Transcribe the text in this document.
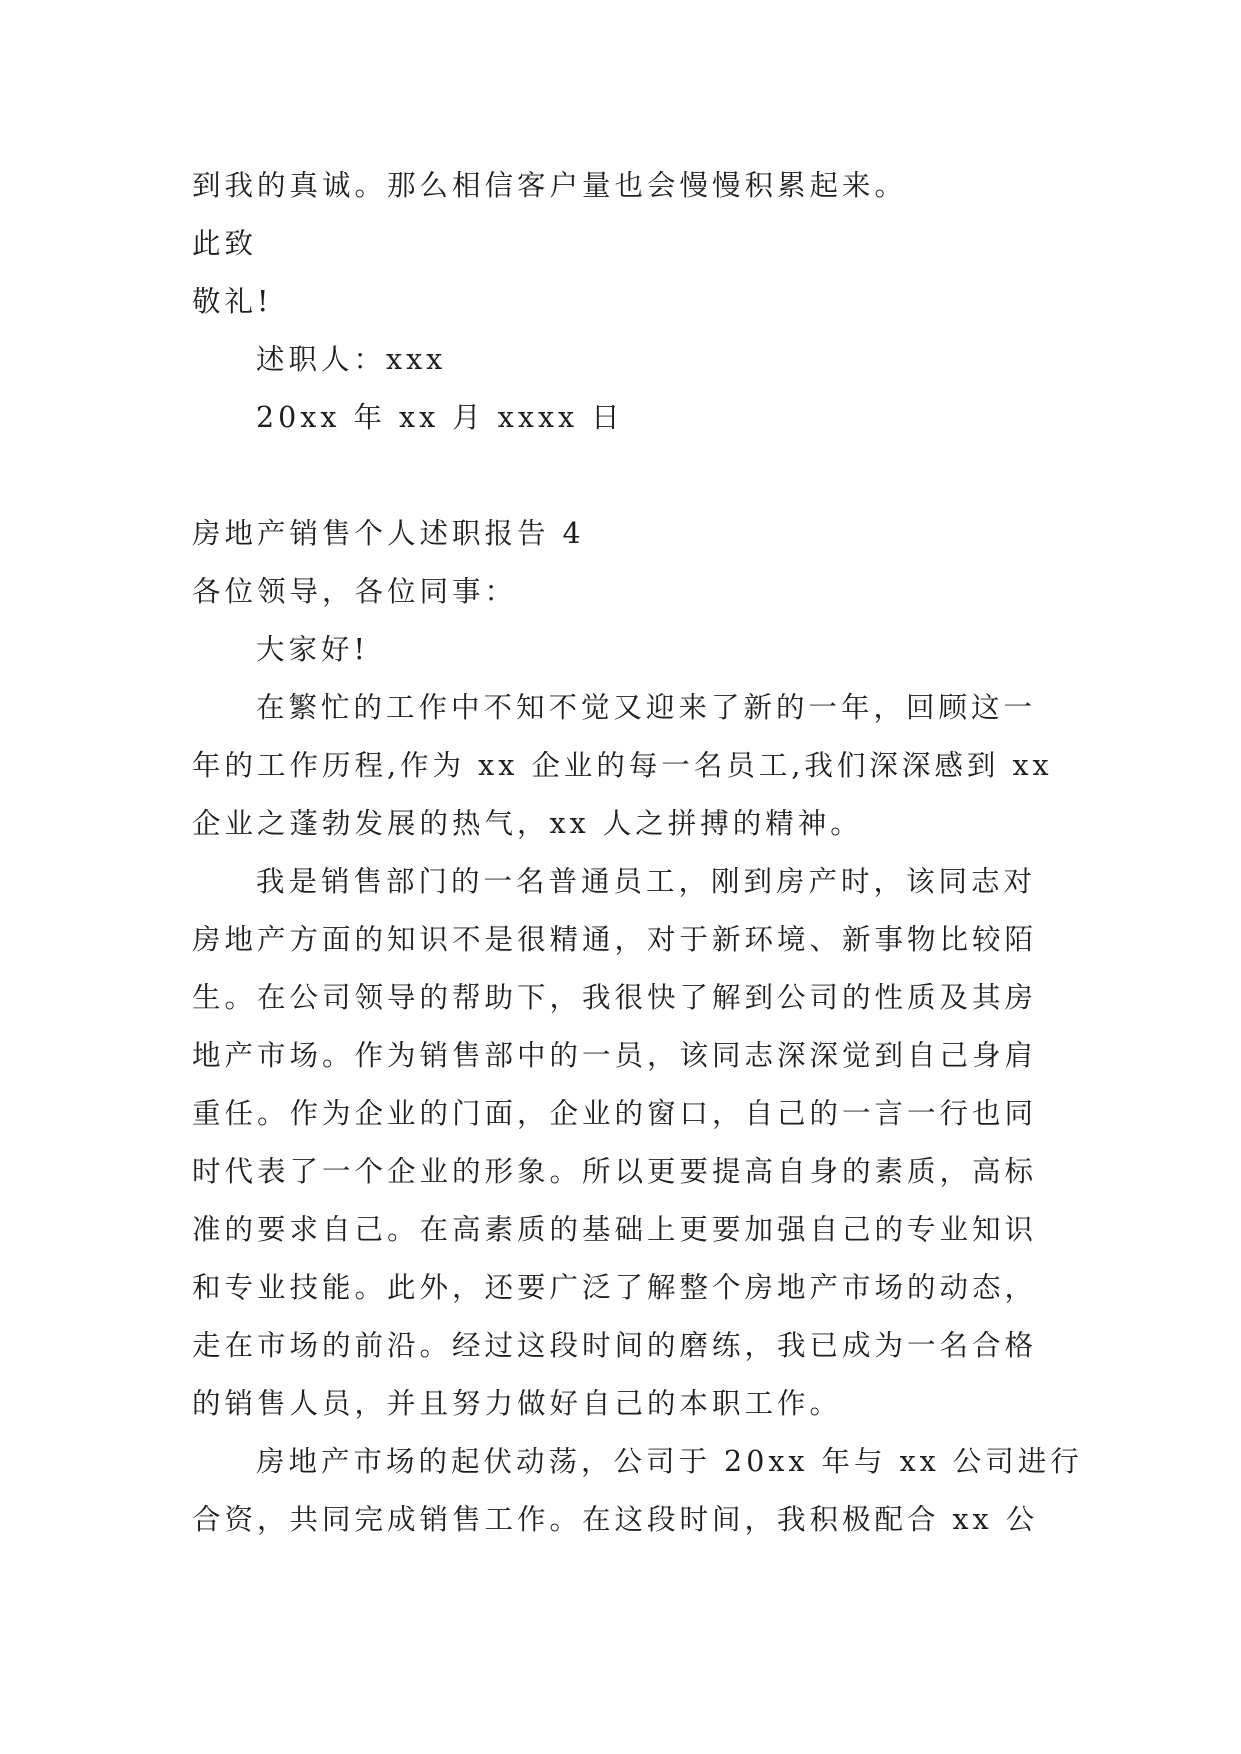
到我的真诚。那么相信客户量也会慢慢积累起来。
此致
敬礼!
述职人：xxx
20xx 年 xx 月 xxxx 日
房地产销售个人述职报告 4
各位领导，各位同事：
大家好!
在繁忙的工作中不知不觉又迎来了新的一年，回顾这一
年的工作历程,作为 xx 企业的每一名员工,我们深深感到 xx
企业之蓬勃发展的热气，xx 人之拼搏的精神。
我是销售部门的一名普通员工，刚到房产时，该同志对
房地产方面的知识不是很精通，对于新环境、新事物比较陌
生。在公司领导的帮助下，我很快了解到公司的性质及其房
地产市场。作为销售部中的一员，该同志深深觉到自己身肩
重任。作为企业的门面，企业的窗口，自己的一言一行也同
时代表了一个企业的形象。所以更要提高自身的素质，高标
准的要求自己。在高素质的基础上更要加强自己的专业知识
和专业技能。此外，还要广泛了解整个房地产市场的动态，
走在市场的前沿。经过这段时间的磨练，我已成为一名合格
的销售人员，并且努力做好自己的本职工作。
房地产市场的起伏动荡，公司于 20xx 年与 xx 公司进行
合资，共同完成销售工作。在这段时间，我积极配合 xx 公
